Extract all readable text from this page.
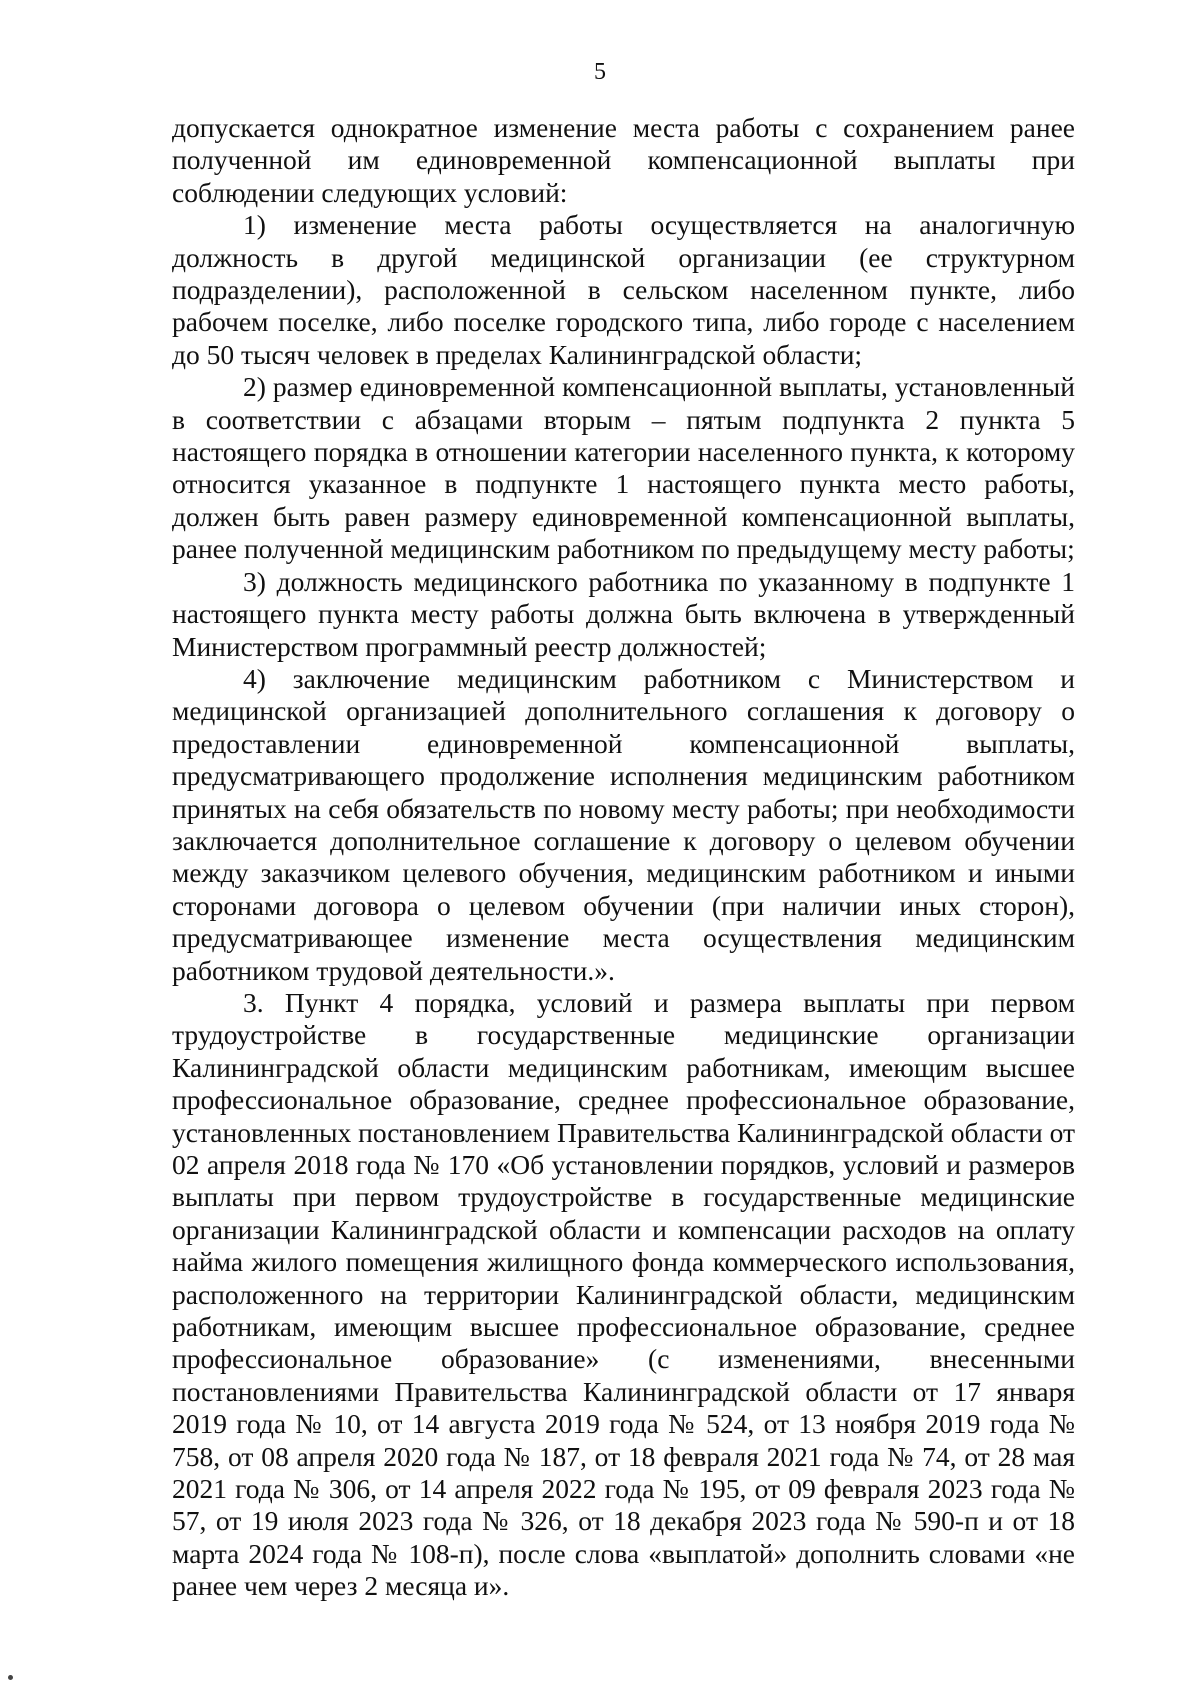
5

допускается однократное изменение места работы с сохранением ранее полученной им единовременной компенсационной выплаты при соблюдении следующих условий:

1) изменение места работы осуществляется на аналогичную должность в другой медицинской организации (ее структурном подразделении), расположенной в сельском населенном пункте, либо рабочем поселке, либо поселке городского типа, либо городе с населением до 50 тысяч человек в пределах Калининградской области;

2) размер единовременной компенсационной выплаты, установленный в соответствии с абзацами вторым – пятым подпункта 2 пункта 5 настоящего порядка в отношении категории населенного пункта, к которому относится указанное в подпункте 1 настоящего пункта место работы, должен быть равен размеру единовременной компенсационной выплаты, ранее полученной медицинским работником по предыдущему месту работы;

3) должность медицинского работника по указанному в подпункте 1 настоящего пункта месту работы должна быть включена в утвержденный Министерством программный реестр должностей;

4) заключение медицинским работником с Министерством и медицинской организацией дополнительного соглашения к договору о предоставлении единовременной компенсационной выплаты, предусматривающего продолжение исполнения медицинским работником принятых на себя обязательств по новому месту работы; при необходимости заключается дополнительное соглашение к договору о целевом обучении между заказчиком целевого обучения, медицинским работником и иными сторонами договора о целевом обучении (при наличии иных сторон), предусматривающее изменение места осуществления медицинским работником трудовой деятельности.».

3. Пункт 4 порядка, условий и размера выплаты при первом трудоустройстве в государственные медицинские организации Калининградской области медицинским работникам, имеющим высшее профессиональное образование, среднее профессиональное образование, установленных постановлением Правительства Калининградской области от 02 апреля 2018 года № 170 «Об установлении порядков, условий и размеров выплаты при первом трудоустройстве в государственные медицинские организации Калининградской области и компенсации расходов на оплату найма жилого помещения жилищного фонда коммерческого использования, расположенного на территории Калининградской области, медицинским работникам, имеющим высшее профессиональное образование, среднее профессиональное образование» (с изменениями, внесенными постановлениями Правительства Калининградской области от 17 января 2019 года № 10, от 14 августа 2019 года № 524, от 13 ноября 2019 года № 758, от 08 апреля 2020 года № 187, от 18 февраля 2021 года № 74, от 28 мая 2021 года № 306, от 14 апреля 2022 года № 195, от 09 февраля 2023 года № 57, от 19 июля 2023 года № 326, от 18 декабря 2023 года № 590-п и от 18 марта 2024 года № 108-п), после слова «выплатой» дополнить словами «не ранее чем через 2 месяца и».
